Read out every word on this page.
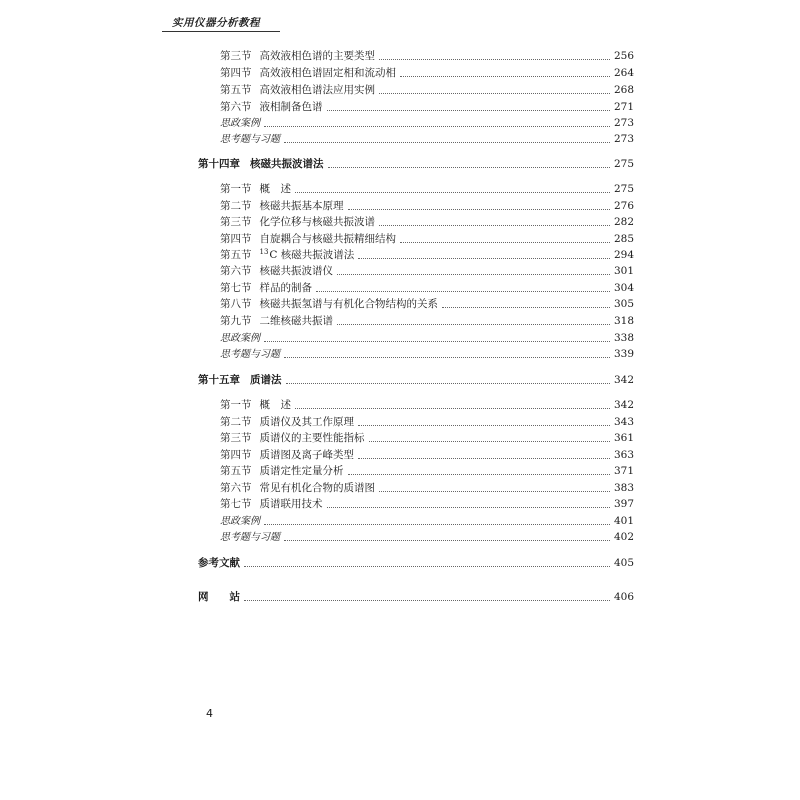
实用仪器分析教程
第三节 高效液相色谱的主要类型	256
第四节 高效液相色谱固定相和流动相	264
第五节 高效液相色谱法应用实例	268
第六节 液相制备色谱	271
思政案例	273
思考题与习题	273
第十四章 核磁共振波谱法	275
第一节 概　述	275
第二节 核磁共振基本原理	276
第三节 化学位移与核磁共振波谱	282
第四节 自旋耦合与核磁共振精细结构	285
第五节 $^{13}$C 核磁共振波谱法	294
第六节 核磁共振波谱仪	301
第七节 样品的制备	304
第八节 核磁共振氢谱与有机化合物结构的关系	305
第九节 二维核磁共振谱	318
思政案例	338
思考题与习题	339
第十五章 质谱法	342
第一节 概　述	342
第二节 质谱仪及其工作原理	343
第三节 质谱仪的主要性能指标	361
第四节 质谱图及离子峰类型	363
第五节 质谱定性定量分析	371
第六节 常见有机化合物的质谱图	383
第七节 质谱联用技术	397
思政案例	401
思考题与习题	402
参考文献	405
网　　站	406
4
